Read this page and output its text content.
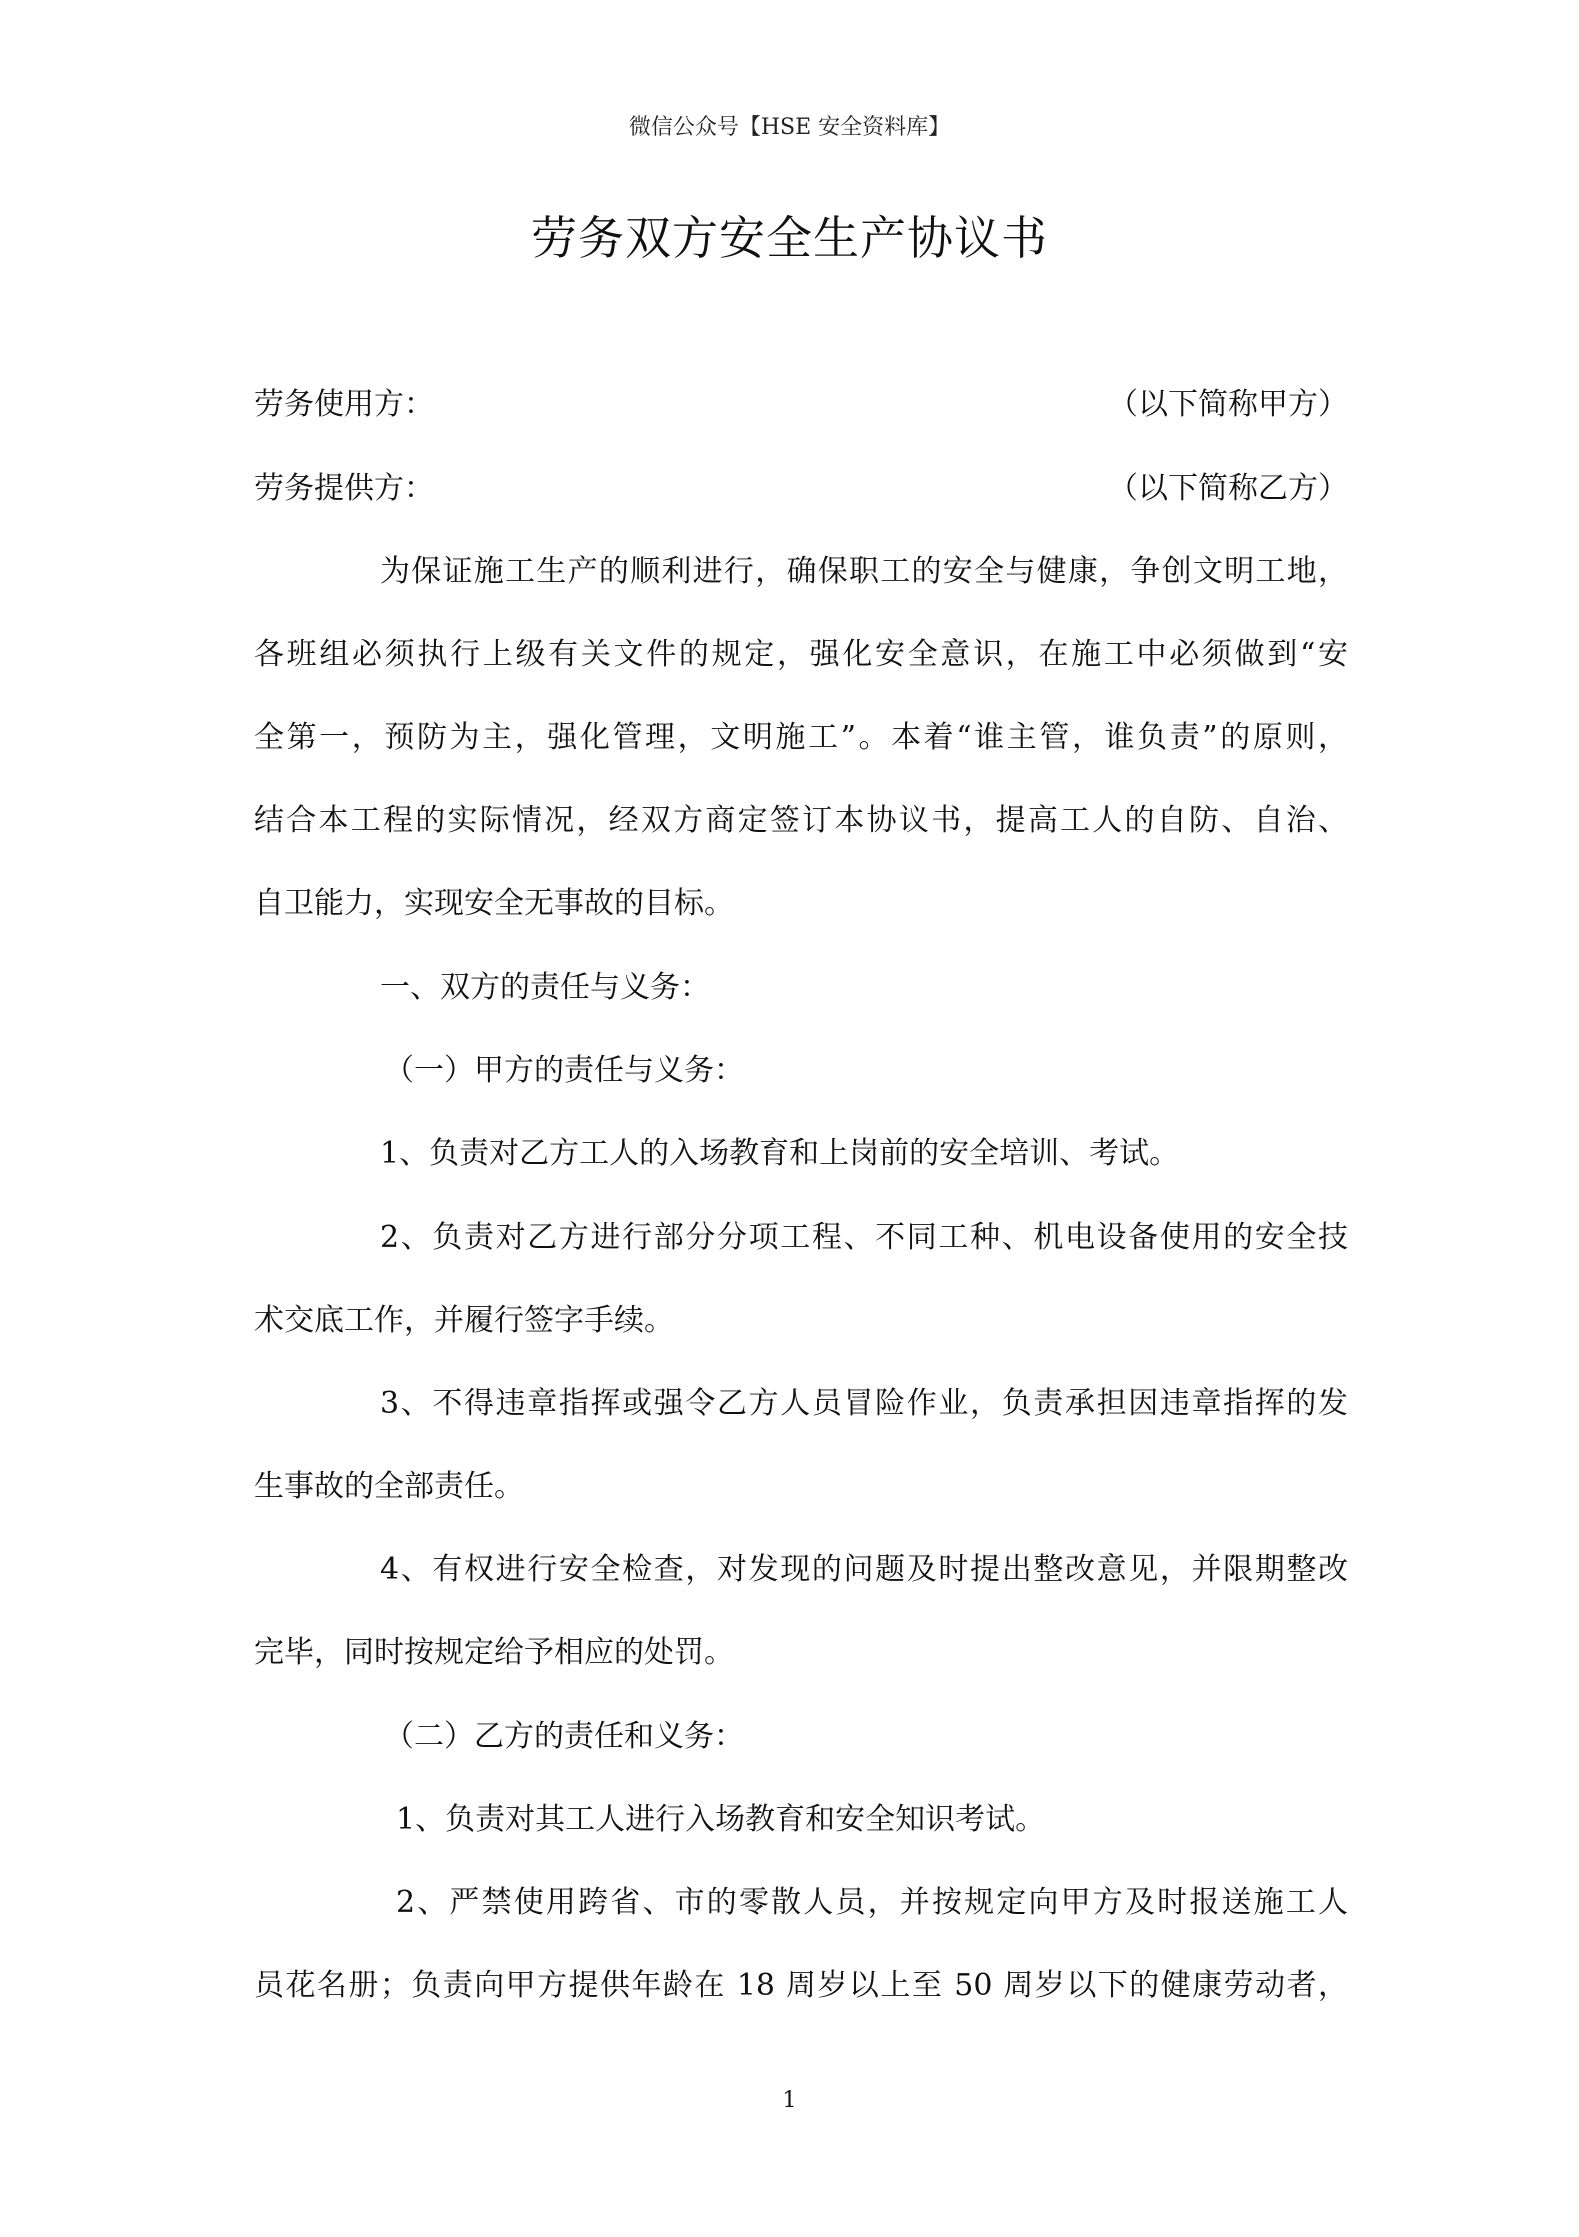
微信公众号【HSE 安全资料库】
劳务双方安全生产协议书
劳务使用方：	（以下简称甲方）
劳务提供方：	（以下简称乙方）
为保证施工生产的顺利进行，确保职工的安全与健康，争创文明工地，
各班组必须执行上级有关文件的规定，强化安全意识，在施工中必须做到“安
全第一，预防为主，强化管理，文明施工”。本着“谁主管，谁负责”的原则，
结合本工程的实际情况，经双方商定签订本协议书，提高工人的自防、自治、
自卫能力，实现安全无事故的目标。
一、双方的责任与义务：
（一）甲方的责任与义务：
1、负责对乙方工人的入场教育和上岗前的安全培训、考试。
2、负责对乙方进行部分分项工程、不同工种、机电设备使用的安全技
术交底工作，并履行签字手续。
3、不得违章指挥或强令乙方人员冒险作业，负责承担因违章指挥的发
生事故的全部责任。
4、有权进行安全检查，对发现的问题及时提出整改意见，并限期整改
完毕，同时按规定给予相应的处罚。
（二）乙方的责任和义务：
1、负责对其工人进行入场教育和安全知识考试。
2、严禁使用跨省、市的零散人员，并按规定向甲方及时报送施工人
员花名册；负责向甲方提供年龄在 18 周岁以上至 50 周岁以下的健康劳动者，
1
